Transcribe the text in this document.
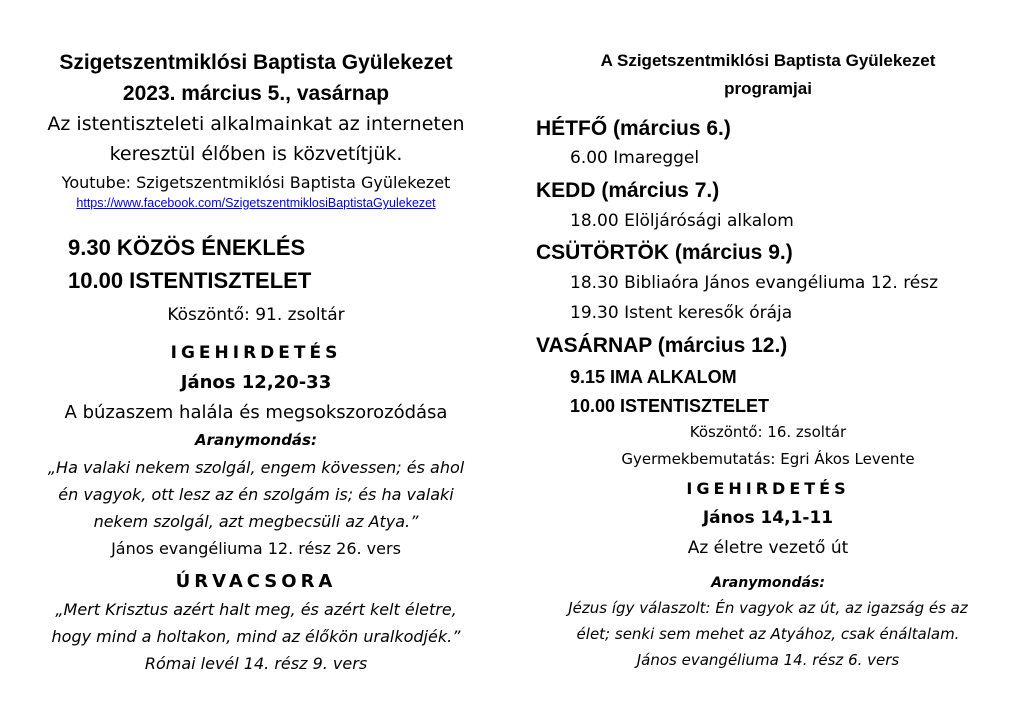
Szigetszentmiklósi Baptista Gyülekezet
2023. március 5., vasárnap
Az istentiszteleti alkalmainkat az interneten
keresztül élőben is közvetítjük.
Youtube: Szigetszentmiklósi Baptista Gyülekezet
https://www.facebook.com/SzigetszentmiklosiBaptistaGyulekezet
9.30 KÖZÖS ÉNEKLÉS
10.00 ISTENTISZTELET
Köszöntő: 91. zsoltár
IGEHIRDETÉS
János 12,20-33
A búzaszem halála és megsokszorozódása
Aranymondás:
„Ha valaki nekem szolgál, engem kövessen; és ahol
én vagyok, ott lesz az én szolgám is; és ha valaki
nekem szolgál, azt megbecsüli az Atya.”
János evangéliuma 12. rész 26. vers
ÚRVACSORA
„Mert Krisztus azért halt meg, és azért kelt életre,
hogy mind a holtakon, mind az élőkön uralkodjék.”
Római levél 14. rész 9. vers
A Szigetszentmiklósi Baptista Gyülekezet
programjai
HÉTFŐ (március 6.)
6.00 Imareggel
KEDD (március 7.)
18.00 Elöljárósági alkalom
CSÜTÖRTÖK (március 9.)
18.30 Bibliaóra János evangéliuma 12. rész
19.30 Istent keresők órája
VASÁRNAP (március 12.)
9.15 IMA ALKALOM
10.00 ISTENTISZTELET
Köszöntő: 16. zsoltár
Gyermekbemutatás: Egri Ákos Levente
IGEHIRDETÉS
János 14,1-11
Az életre vezető út
Aranymondás:
Jézus így válaszolt: Én vagyok az út, az igazság és az
élet; senki sem mehet az Atyához, csak énáltalam.
János evangéliuma 14. rész 6. vers
